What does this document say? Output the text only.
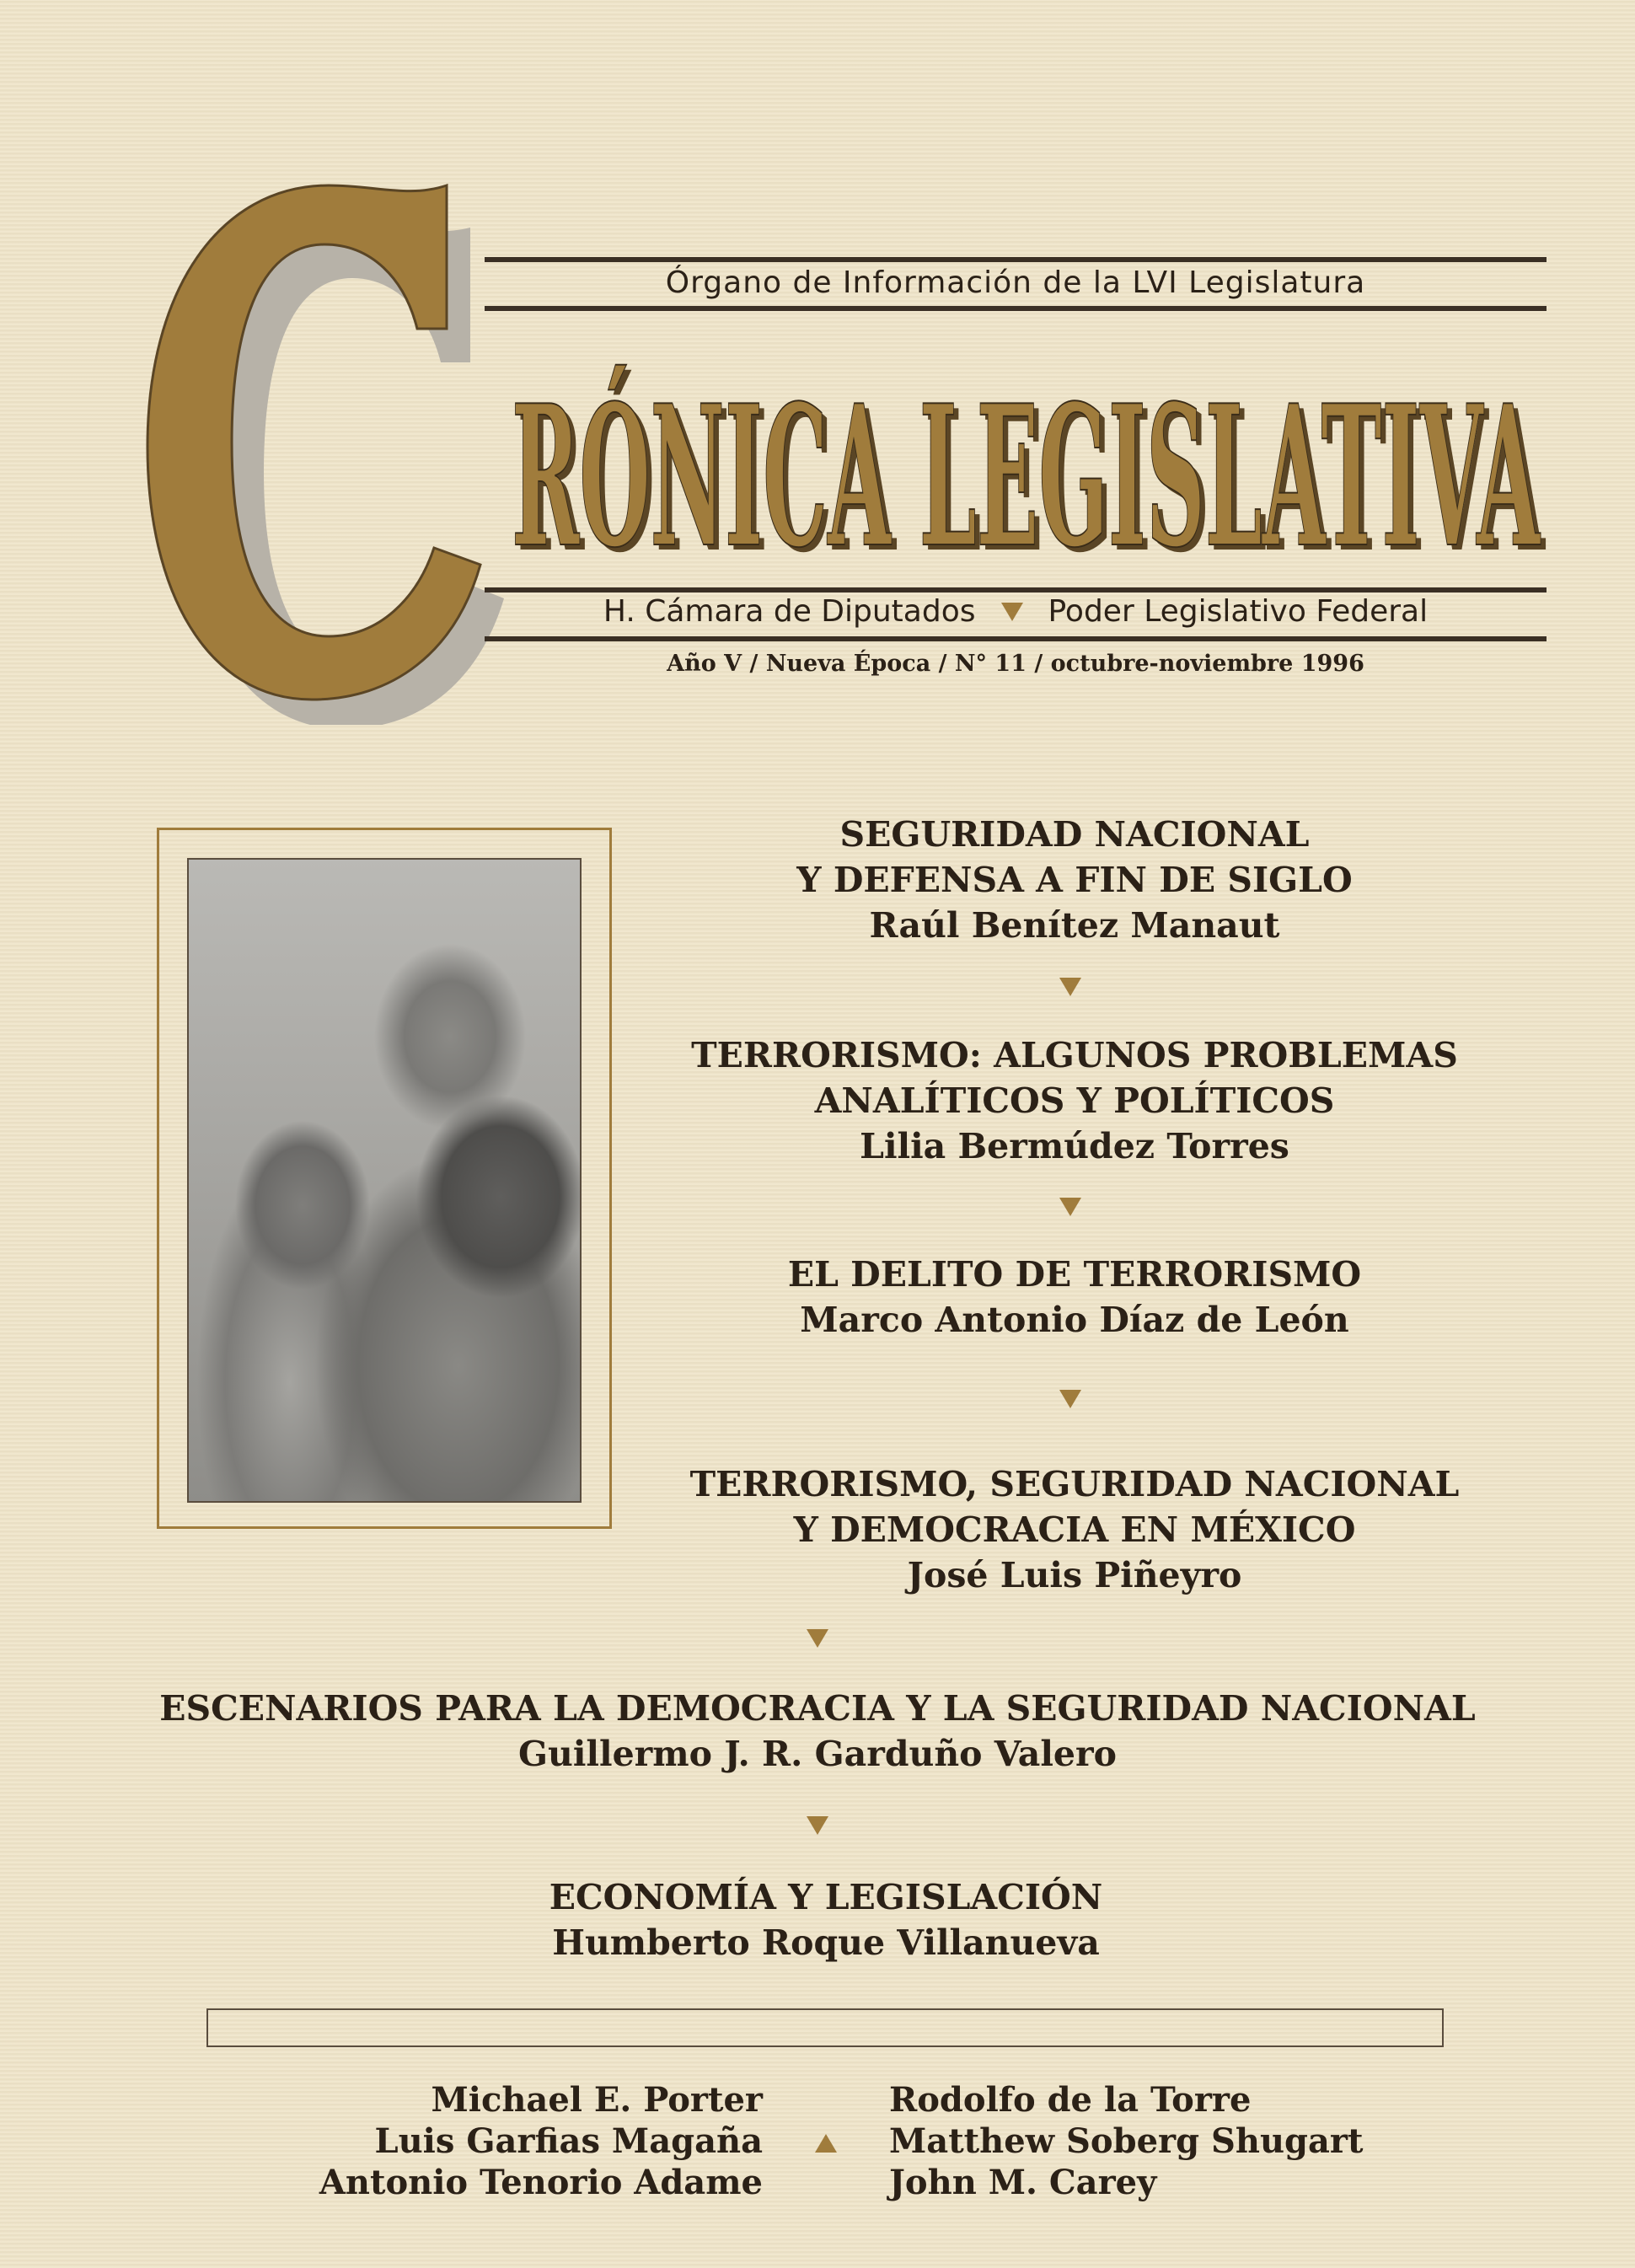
Órgano de Información de la LVI Legislatura
RÓNICA LEGISLATIVA
RÓNICA LEGISLATIVA
H. Cámara de Diputados Poder Legislativo Federal
Año V / Nueva Época / N° 11 / octubre-noviembre 1996
SEGURIDAD NACIONAL
Y DEFENSA A FIN DE SIGLO
Raúl Benítez Manaut
TERRORISMO: ALGUNOS PROBLEMAS
ANALÍTICOS Y POLÍTICOS
Lilia Bermúdez Torres
EL DELITO DE TERRORISMO
Marco Antonio Díaz de León
TERRORISMO, SEGURIDAD NACIONAL
Y DEMOCRACIA EN MÉXICO
José Luis Piñeyro
ESCENARIOS PARA LA DEMOCRACIA Y LA SEGURIDAD NACIONAL
Guillermo J. R. Garduño Valero
ECONOMÍA Y LEGISLACIÓN
Humberto Roque Villanueva
Michael E. Porter
Luis Garfias Magaña
Antonio Tenorio Adame
Rodolfo de la Torre
Matthew Soberg Shugart
John M. Carey
